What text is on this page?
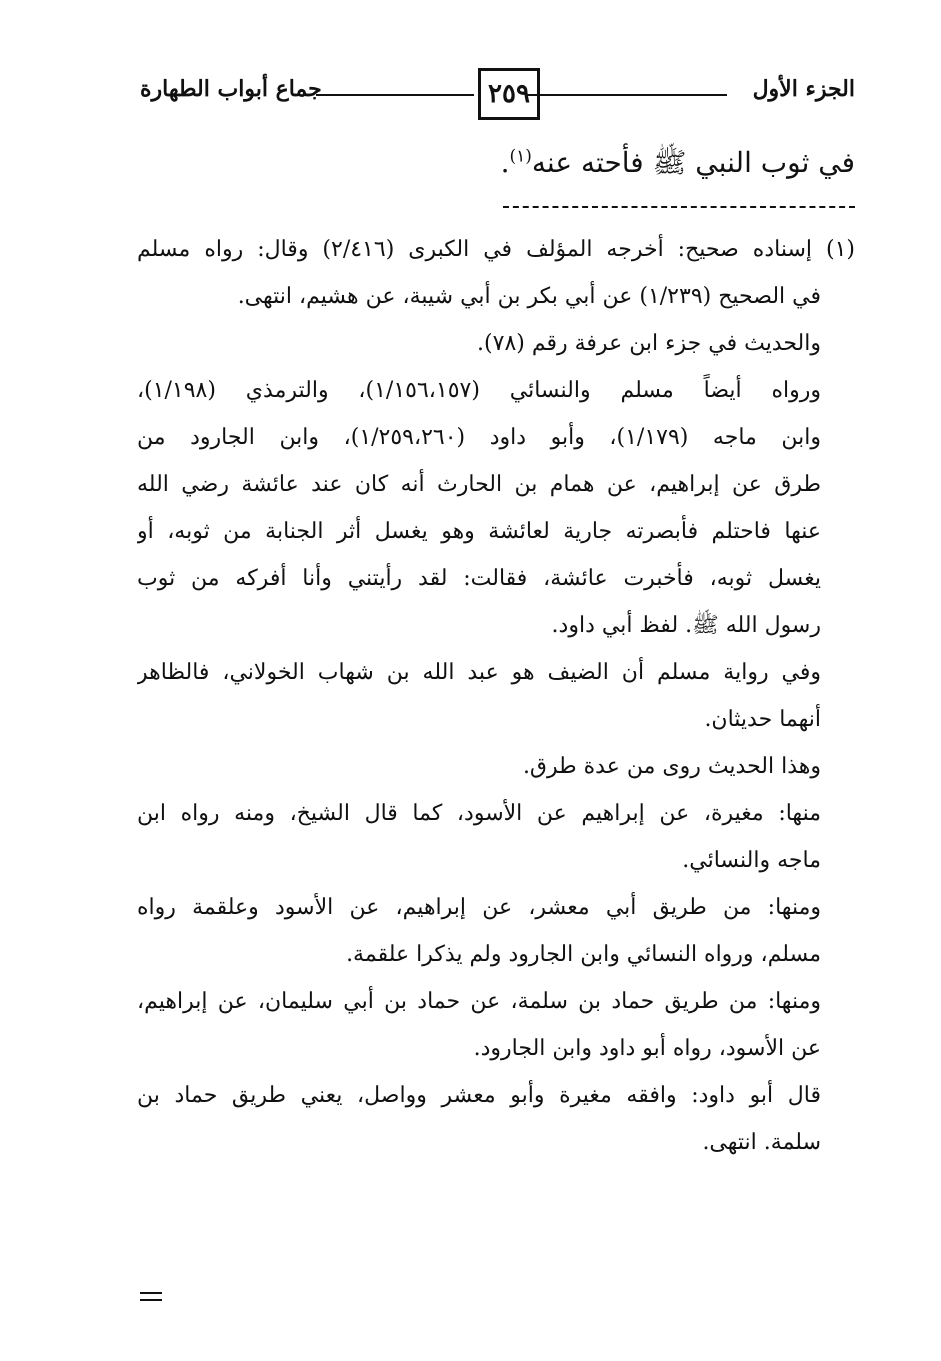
الجزء الأول
٢٥٩
جماع أبواب الطهارة
في ثوب النبي ﷺ فأحته عنه$^{(١)}$.
(١) إسناده صحيح: أخرجه المؤلف في الكبرى (٢/٤١٦) وقال: رواه مسلم
في الصحيح (١/٢٣٩) عن أبي بكر بن أبي شيبة، عن هشيم، انتهى.
والحديث في جزء ابن عرفة رقم (٧٨).
ورواه أيضاً مسلم والنسائي (١/١٥٦،١٥٧)، والترمذي (١/١٩٨)،
وابن ماجه (١/١٧٩)، وأبو داود (١/٢٥٩،٢٦٠)، وابن الجارود من
طرق عن إبراهيم، عن همام بن الحارث أنه كان عند عائشة رضي الله
عنها فاحتلم فأبصرته جارية لعائشة وهو يغسل أثر الجنابة من ثوبه، أو
يغسل ثوبه، فأخبرت عائشة، فقالت: لقد رأيتني وأنا أفركه من ثوب
رسول الله ﷺ. لفظ أبي داود.
وفي رواية مسلم أن الضيف هو عبد الله بن شهاب الخولاني، فالظاهر
أنهما حديثان.
وهذا الحديث روى من عدة طرق.
منها: مغيرة، عن إبراهيم عن الأسود، كما قال الشيخ، ومنه رواه ابن
ماجه والنسائي.
ومنها: من طريق أبي معشر، عن إبراهيم، عن الأسود وعلقمة رواه
مسلم، ورواه النسائي وابن الجارود ولم يذكرا علقمة.
ومنها: من طريق حماد بن سلمة، عن حماد بن أبي سليمان، عن إبراهيم،
عن الأسود، رواه أبو داود وابن الجارود.
قال أبو داود: وافقه مغيرة وأبو معشر وواصل، يعني طريق حماد بن
سلمة. انتهى.
